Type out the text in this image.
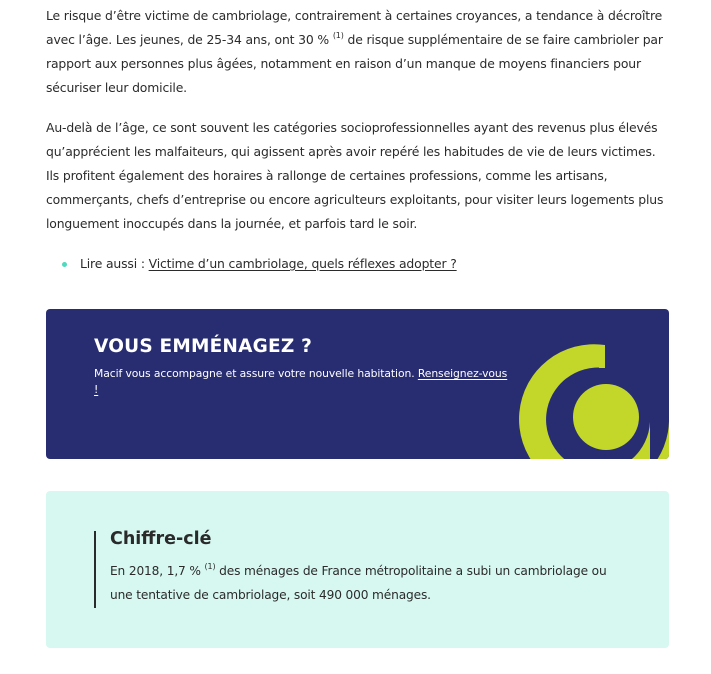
Le risque d’être victime de cambriolage, contrairement à certaines croyances, a tendance à décroître avec l’âge. Les jeunes, de 25-34 ans, ont 30 % $^{(1)}$ de risque supplémentaire de se faire cambrioler par rapport aux personnes plus âgées, notamment en raison d’un manque de moyens financiers pour sécuriser leur domicile.

Au-delà de l’âge, ce sont souvent les catégories socioprofessionnelles ayant des revenus plus élevés qu’apprécient les malfaiteurs, qui agissent après avoir repéré les habitudes de vie de leurs victimes. Ils profitent également des horaires à rallonge de certaines professions, comme les artisans, commerçants, chefs d’entreprise ou encore agriculteurs exploitants, pour visiter leurs logements plus longuement inoccupés dans la journée, et parfois tard le soir.

Lire aussi : Victime d’un cambriolage, quels réflexes adopter ?
VOUS EMMÉNAGEZ ?

Macif vous accompagne et assure votre nouvelle habitation. Renseignez-vous !

Chiffre-clé

En 2018, 1,7 % $^{(1)}$ des ménages de France métropolitaine a subi un cambriolage ou une tentative de cambriolage, soit 490 000 ménages.
